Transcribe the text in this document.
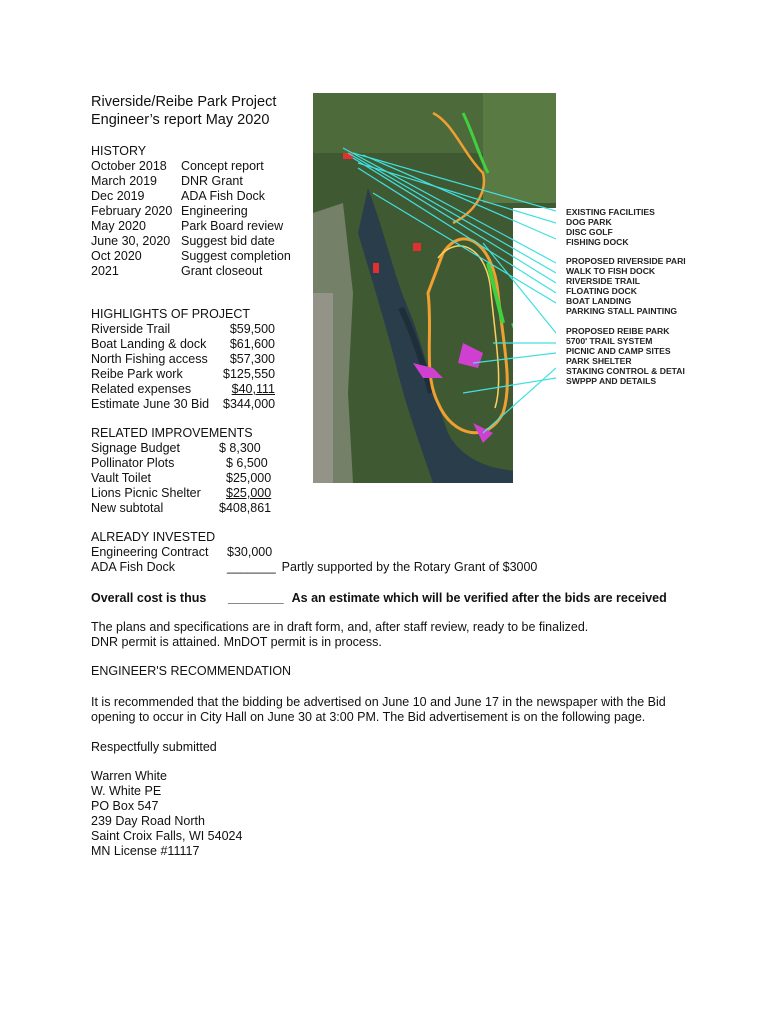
Riverside/Reibe Park Project
Engineer’s report May 2020
HISTORY
October 2018	Concept report
March 2019	DNR Grant
Dec 2019	ADA Fish Dock
February 2020 Engineering
May 2020	Park Board review
June 30, 2020 Suggest bid date
Oct 2020	Suggest completion
2021	Grant closeout
HIGHLIGHTS OF PROJECT
Riverside Trail	$59,500
Boat Landing & dock	$61,600
North Fishing access	$57,300
Reibe Park work	$125,550
Related expenses	$40,111
Estimate June 30 Bid	$344,000
RELATED IMPROVEMENTS
Signage Budget	$ 8,300
Pollinator Plots	$ 6,500
Vault Toilet	$25,000
Lions Picnic Shelter	$25,000
New subtotal	$408,861
ALREADY INVESTED
Engineering Contract	$30,000
ADA Fish Dock	_______ Partly supported by the Rotary Grant of $3000
Overall cost is thus	________ As an estimate which will be verified after the bids are received
The plans and specifications are in draft form, and, after staff review, ready to be finalized.
DNR permit is attained. MnDOT permit is in process.
ENGINEER'S RECOMMENDATION
It is recommended that the bidding be advertised on June 10 and June 17 in the newspaper with the Bid
opening to occur in City Hall on June 30 at 3:00 PM. The Bid advertisement is on the following page.
Respectfully submitted
Warren White
W. White PE
PO Box 547
239 Day Road North
Saint Croix Falls, WI 54024
MN License #11117
EXISTING FACILITIES
DOG PARK
DISC GOLF
FISHING DOCK
PROPOSED RIVERSIDE PARI
WALK TO FISH DOCK
RIVERSIDE TRAIL
FLOATING DOCK
BOAT LANDING
PARKING STALL PAINTING
PROPOSED REIBE PARK
5700' TRAIL SYSTEM
PICNIC AND CAMP SITES
PARK SHELTER
STAKING CONTROL & DETAI
SWPPP AND DETAILS
